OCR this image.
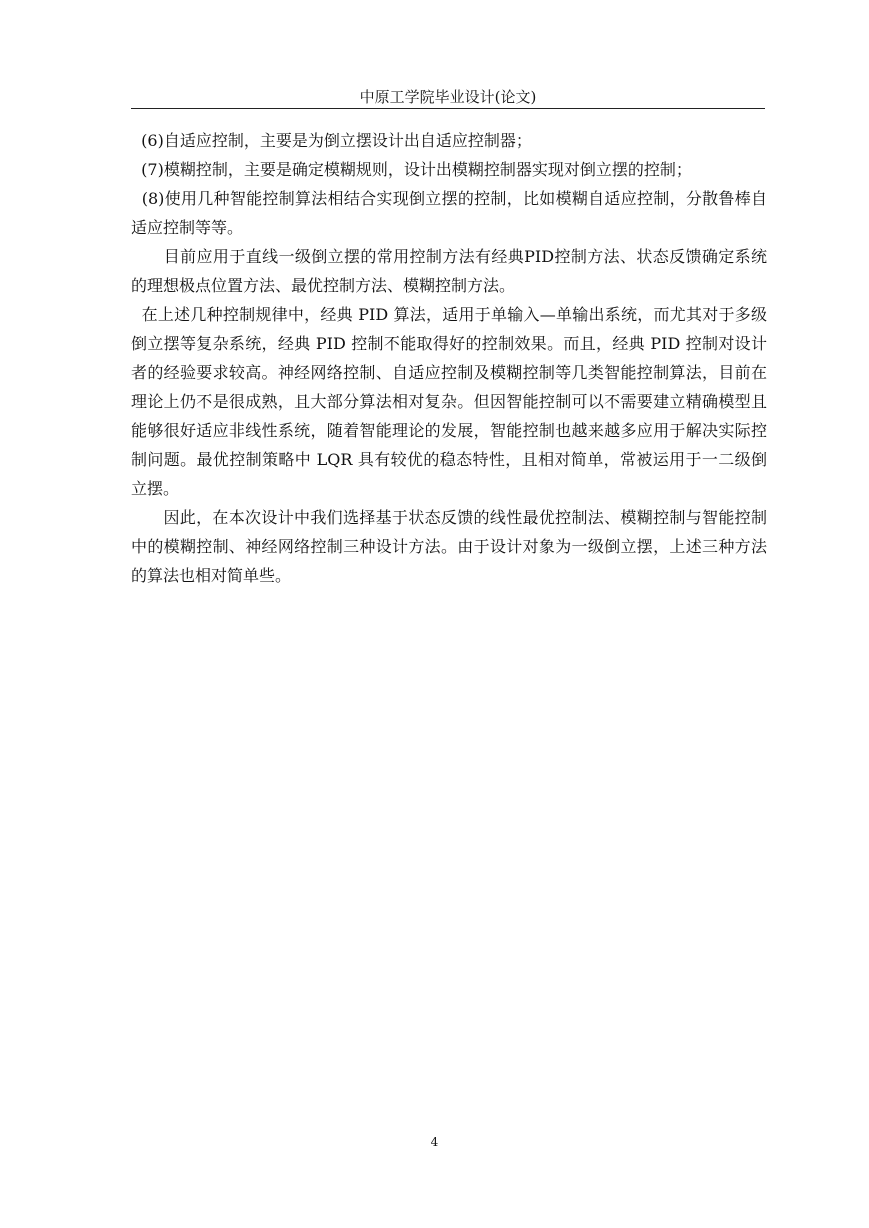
中原工学院毕业设计(论文)

(6)自适应控制，主要是为倒立摆设计出自适应控制器；

(7)模糊控制，主要是确定模糊规则，设计出模糊控制器实现对倒立摆的控制；

(8)使用几种智能控制算法相结合实现倒立摆的控制，比如模糊自适应控制，分散鲁棒自适应控制等等。

目前应用于直线一级倒立摆的常用控制方法有经典PID控制方法、状态反馈确定系统的理想极点位置方法、最优控制方法、模糊控制方法。

在上述几种控制规律中，经典 PID 算法，适用于单输入—单输出系统，而尤其对于多级倒立摆等复杂系统，经典 PID 控制不能取得好的控制效果。而且，经典 PID 控制对设计者的经验要求较高。神经网络控制、自适应控制及模糊控制等几类智能控制算法，目前在理论上仍不是很成熟，且大部分算法相对复杂。但因智能控制可以不需要建立精确模型且能够很好适应非线性系统，随着智能理论的发展，智能控制也越来越多应用于解决实际控制问题。最优控制策略中 LQR 具有较优的稳态特性，且相对简单，常被运用于一二级倒立摆。

因此，在本次设计中我们选择基于状态反馈的线性最优控制法、模糊控制与智能控制中的模糊控制、神经网络控制三种设计方法。由于设计对象为一级倒立摆，上述三种方法的算法也相对简单些。

4
